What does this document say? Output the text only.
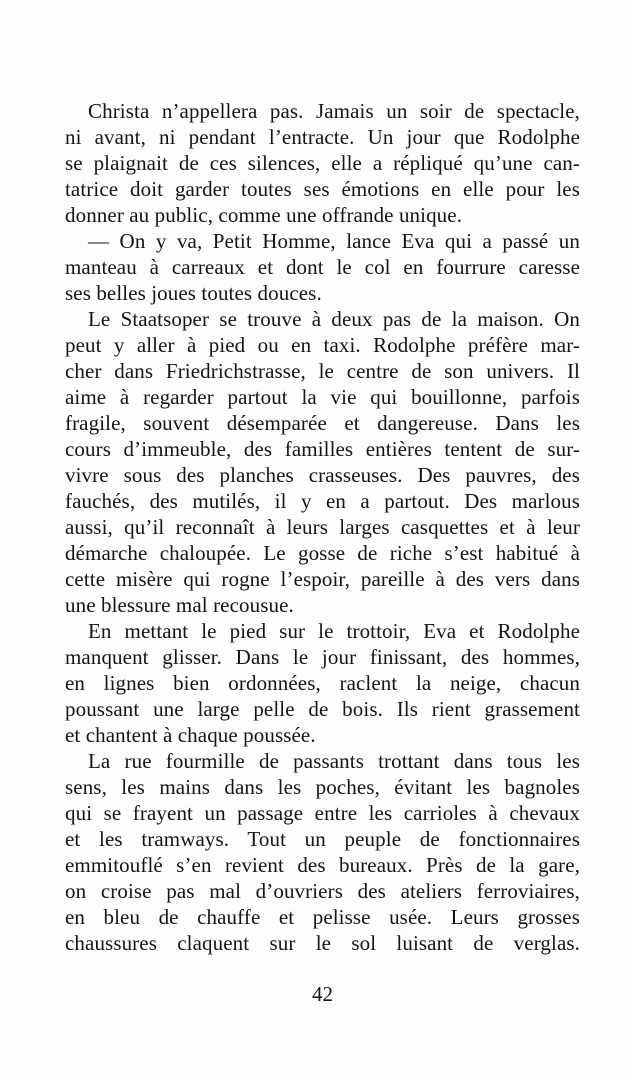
Christa n’appellera pas. Jamais un soir de spectacle,
ni avant, ni pendant l’entracte. Un jour que Rodolphe
se plaignait de ces silences, elle a répliqué qu’une can-
tatrice doit garder toutes ses émotions en elle pour les
donner au public, comme une offrande unique.

— On y va, Petit Homme, lance Eva qui a passé un
manteau à carreaux et dont le col en fourrure caresse
ses belles joues toutes douces.

Le Staatsoper se trouve à deux pas de la maison. On
peut y aller à pied ou en taxi. Rodolphe préfère mar-
cher dans Friedrichstrasse, le centre de son univers. Il
aime à regarder partout la vie qui bouillonne, parfois
fragile, souvent désemparée et dangereuse. Dans les
cours d’immeuble, des familles entières tentent de sur-
vivre sous des planches crasseuses. Des pauvres, des
fauchés, des mutilés, il y en a partout. Des marlous
aussi, qu’il reconnaît à leurs larges casquettes et à leur
démarche chaloupée. Le gosse de riche s’est habitué à
cette misère qui rogne l’espoir, pareille à des vers dans
une blessure mal recousue.

En mettant le pied sur le trottoir, Eva et Rodolphe
manquent glisser. Dans le jour finissant, des hommes,
en lignes bien ordonnées, raclent la neige, chacun
poussant une large pelle de bois. Ils rient grassement
et chantent à chaque poussée.

La rue fourmille de passants trottant dans tous les
sens, les mains dans les poches, évitant les bagnoles
qui se frayent un passage entre les carrioles à chevaux
et les tramways. Tout un peuple de fonctionnaires
emmitouflé s’en revient des bureaux. Près de la gare,
on croise pas mal d’ouvriers des ateliers ferroviaires,
en bleu de chauffe et pelisse usée. Leurs grosses
chaussures claquent sur le sol luisant de verglas.

42
